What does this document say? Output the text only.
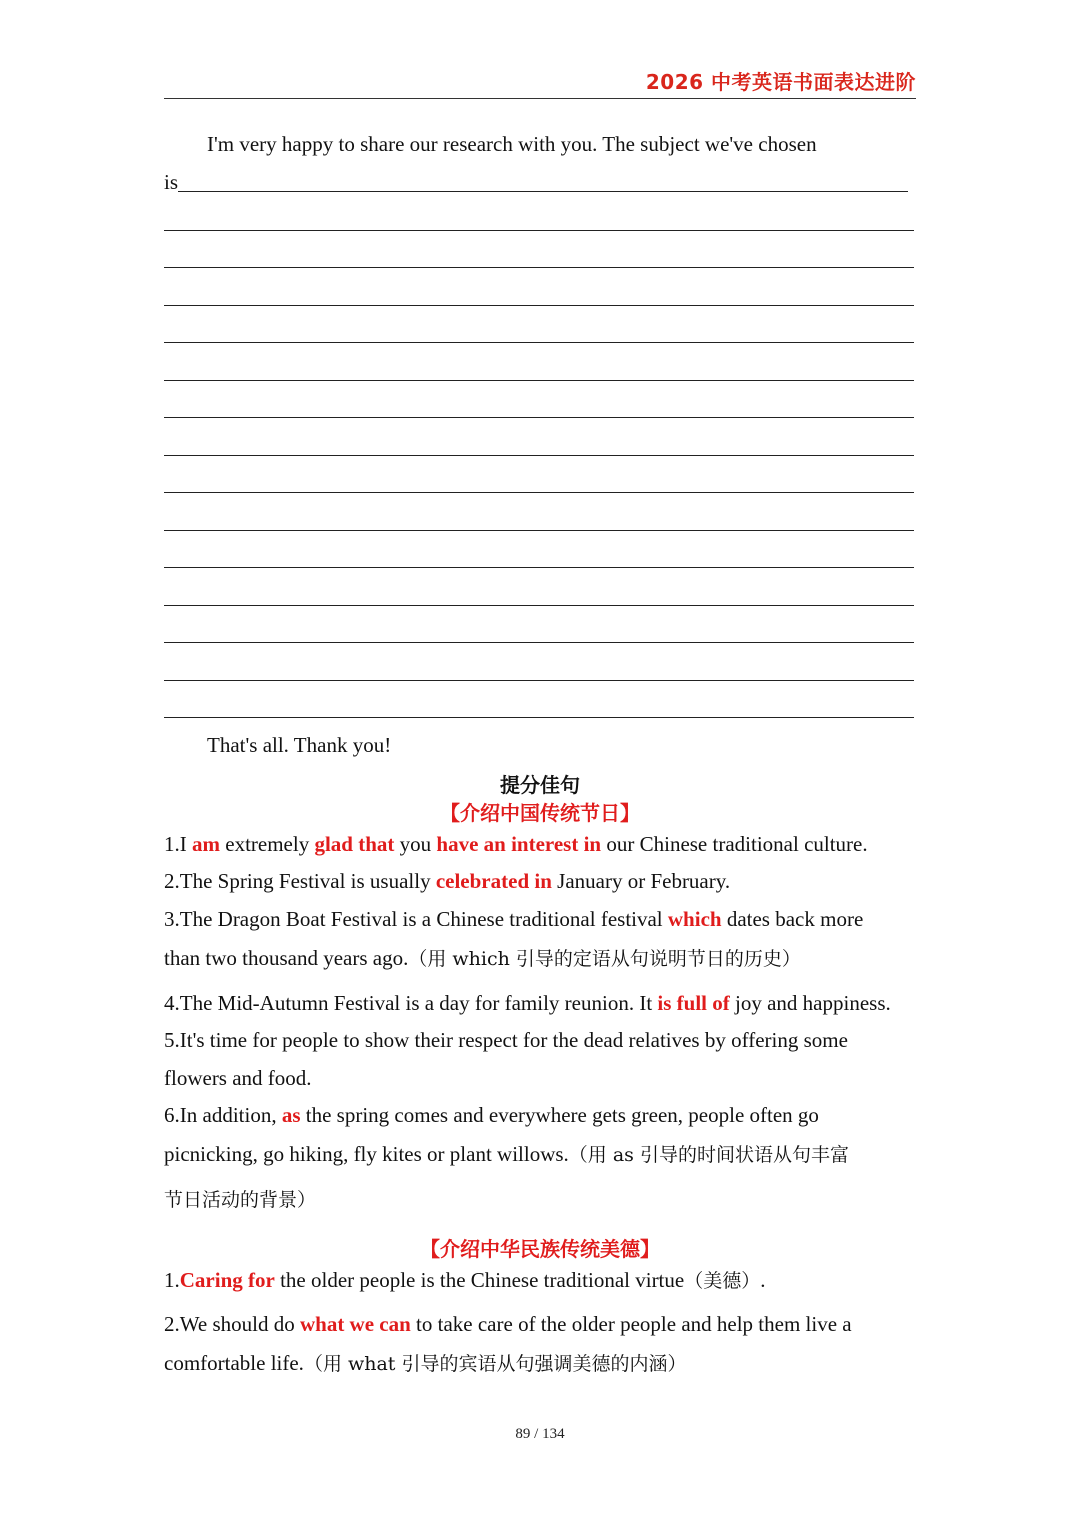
2026 中考英语书面表达进阶
I'm very happy to share our research with you. The subject we've chosen
is
That's all. Thank you!
提分佳句
【介绍中国传统节日】
1.I am extremely glad that you have an interest in our Chinese traditional culture.
2.The Spring Festival is usually celebrated in January or February.
3.The Dragon Boat Festival is a Chinese traditional festival which dates back more
than two thousand years ago.（用 which 引导的定语从句说明节日的历史）
4.The Mid-Autumn Festival is a day for family reunion. It is full of joy and happiness.
5.It's time for people to show their respect for the dead relatives by offering some
flowers and food.
6.In addition, as the spring comes and everywhere gets green, people often go
picnicking, go hiking, fly kites or plant willows.（用 as 引导的时间状语从句丰富
节日活动的背景）
【介绍中华民族传统美德】
1.Caring for the older people is the Chinese traditional virtue（美德）.
2.We should do what we can to take care of the older people and help them live a
comfortable life.（用 what 引导的宾语从句强调美德的内涵）
89 / 134
